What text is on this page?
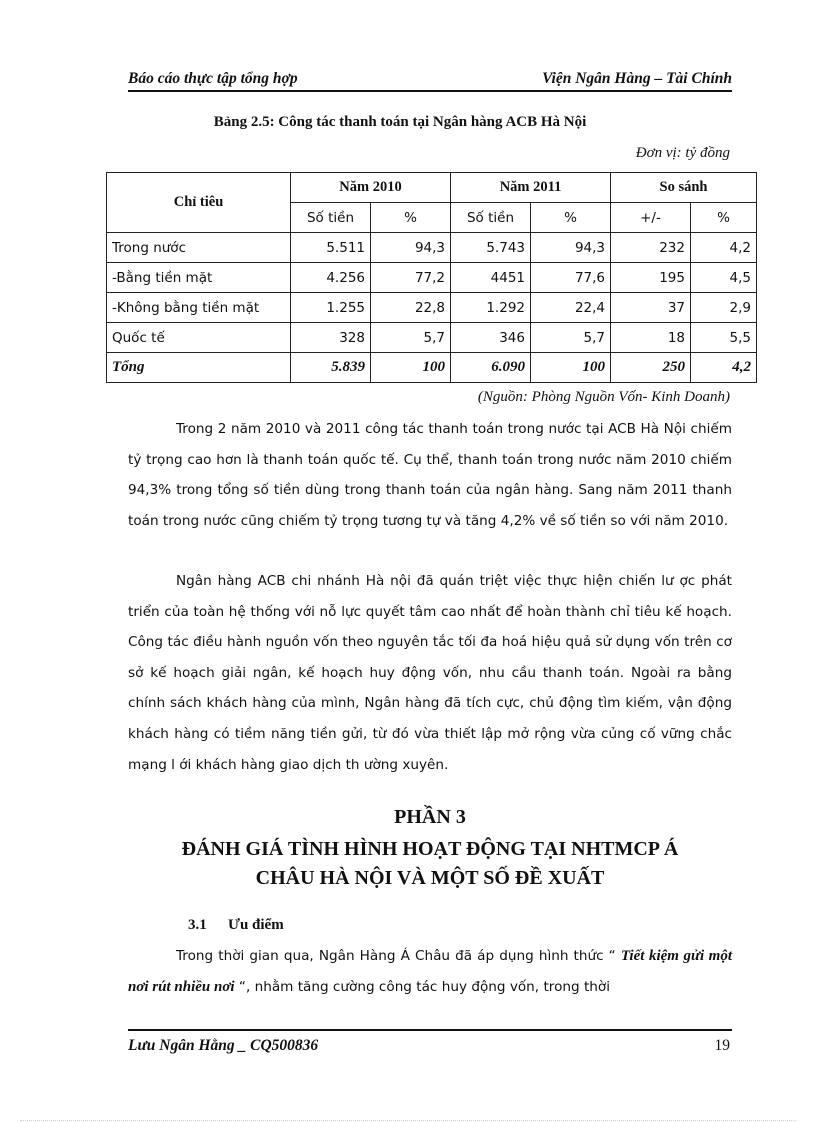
Báo cáo thực tập tổng hợp	Viện Ngân Hàng – Tài Chính
Bảng 2.5: Công tác thanh toán tại Ngân hàng ACB Hà Nội
Đơn vị: tỷ đồng
Chỉ tiêu	Năm 2010		Năm 2011		So sánh	
	Số tiền	%	Số tiền	%	+/-	%
Trong nước	5.511	94,3	5.743	94,3	232	4,2
-Bằng tiền mặt	4.256	77,2	4451	77,6	195	4,5
-Không bằng tiền mặt	1.255	22,8	1.292	22,4	37	2,9
Quốc tế	328	5,7	346	5,7	18	5,5
Tổng	5.839	100	6.090	100	250	4,2
(Nguồn: Phòng Nguồn Vốn- Kinh Doanh)

Trong 2 năm 2010 và 2011 công tác thanh toán trong nước tại ACB Hà Nội chiếm tỷ trọng cao hơn là thanh toán quốc tế. Cụ thể, thanh toán trong nước năm 2010 chiếm 94,3% trong tổng số tiền dùng trong thanh toán của ngân hàng. Sang năm 2011 thanh toán trong nước cũng chiếm tỷ trọng tương tự và tăng 4,2% về số tiền so với năm 2010.

Ngân hàng ACB chi nhánh Hà nội đã quán triệt việc thực hiện chiến lư ợc phát triển của toàn hệ thống với nỗ lực quyết tâm cao nhất để hoàn thành chỉ tiêu kế hoạch. Công tác điều hành nguồn vốn theo nguyên tắc tối đa hoá hiệu quả sử dụng vốn trên cơ sở kế hoạch giải ngân, kế hoạch huy động vốn, nhu cầu thanh toán. Ngoài ra bằng chính sách khách hàng của mình, Ngân hàng đã tích cực, chủ động tìm kiếm, vận động khách hàng có tiềm năng tiền gửi, từ đó vừa thiết lập mở rộng vừa củng cố vững chắc mạng l ới khách hàng giao dịch th ường xuyên.

PHẦN 3
ĐÁNH GIÁ TÌNH HÌNH HOẠT ĐỘNG TẠI NHTMCP Á
CHÂU HÀ NỘI VÀ MỘT SỐ ĐỀ XUẤT
3.1 Ưu điểm

Trong thời gian qua, Ngân Hàng Á Châu đã áp dụng hình thức “ Tiết kiệm gửi một nơi rút nhiều nơi “, nhằm tăng cường công tác huy động vốn, trong thời

Lưu Ngân Hằng _ CQ500836	19
